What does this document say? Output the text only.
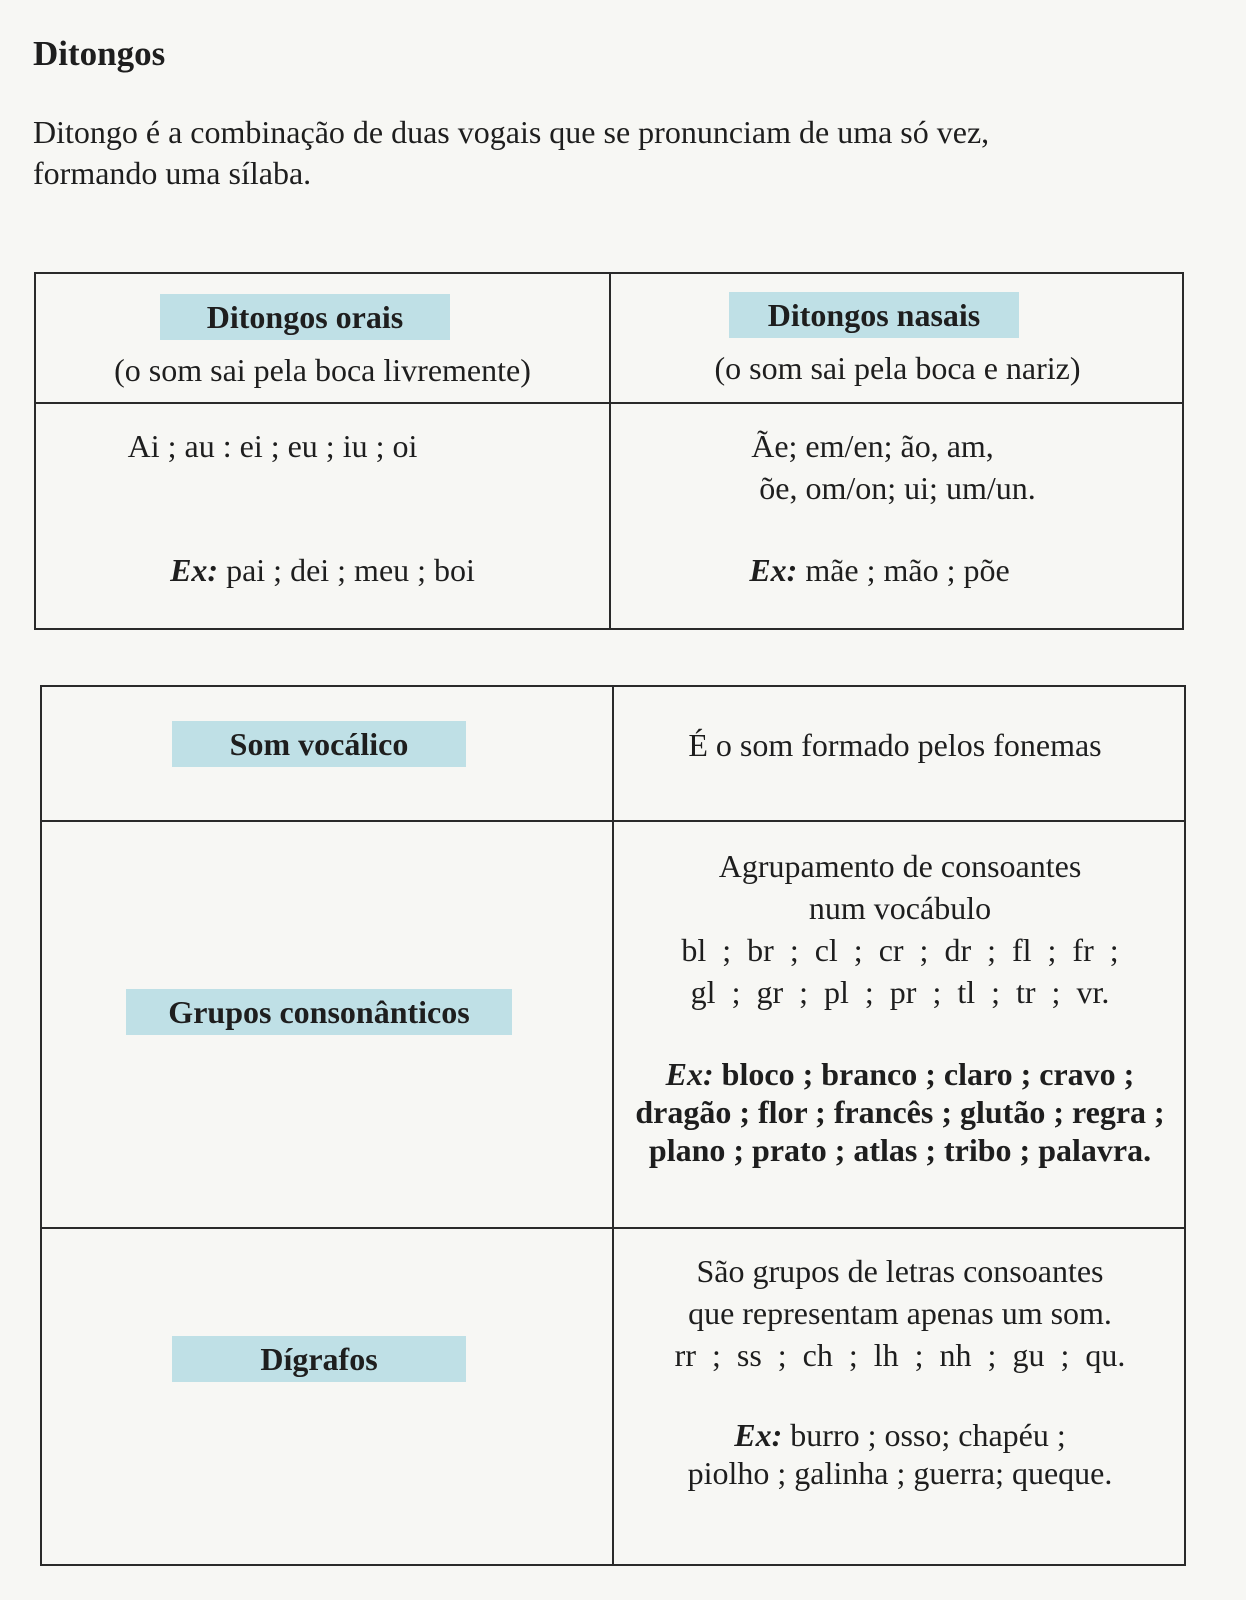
Ditongos

Ditongo é a combinação de duas vogais que se pronunciam de uma só vez,
formando uma sílaba.

Ditongos orais
(o som sai pela boca livremente)
Ditongos nasais
(o som sai pela boca e nariz)
Ai ; au : ei ; eu ; iu ; oi
Ex: pai ; dei ; meu ; boi
Ãe; em/en; ão, am,
õe, om/on; ui; um/un.
Ex: mãe ; mão ; põe
Som vocálico	É o som formado pelos fonemas
Grupos consonânticos
Agrupamento de consoantes
num vocábulo
bl  ;  br  ;  cl  ;  cr  ;  dr  ;  fl  ;  fr  ;
gl  ;  gr  ;  pl  ;  pr  ;  tl  ;  tr  ;  vr.
Ex: bloco ; branco ; claro ; cravo ;
dragão ; flor ; francês ; glutão ; regra ;
plano ; prato ; atlas ; tribo ; palavra.
Dígrafos
São grupos de letras consoantes
que representam apenas um som.
rr  ;  ss  ;  ch  ;  lh  ;  nh  ;  gu  ;  qu.
Ex: burro ; osso; chapéu ;
piolho ; galinha ; guerra; queque.
